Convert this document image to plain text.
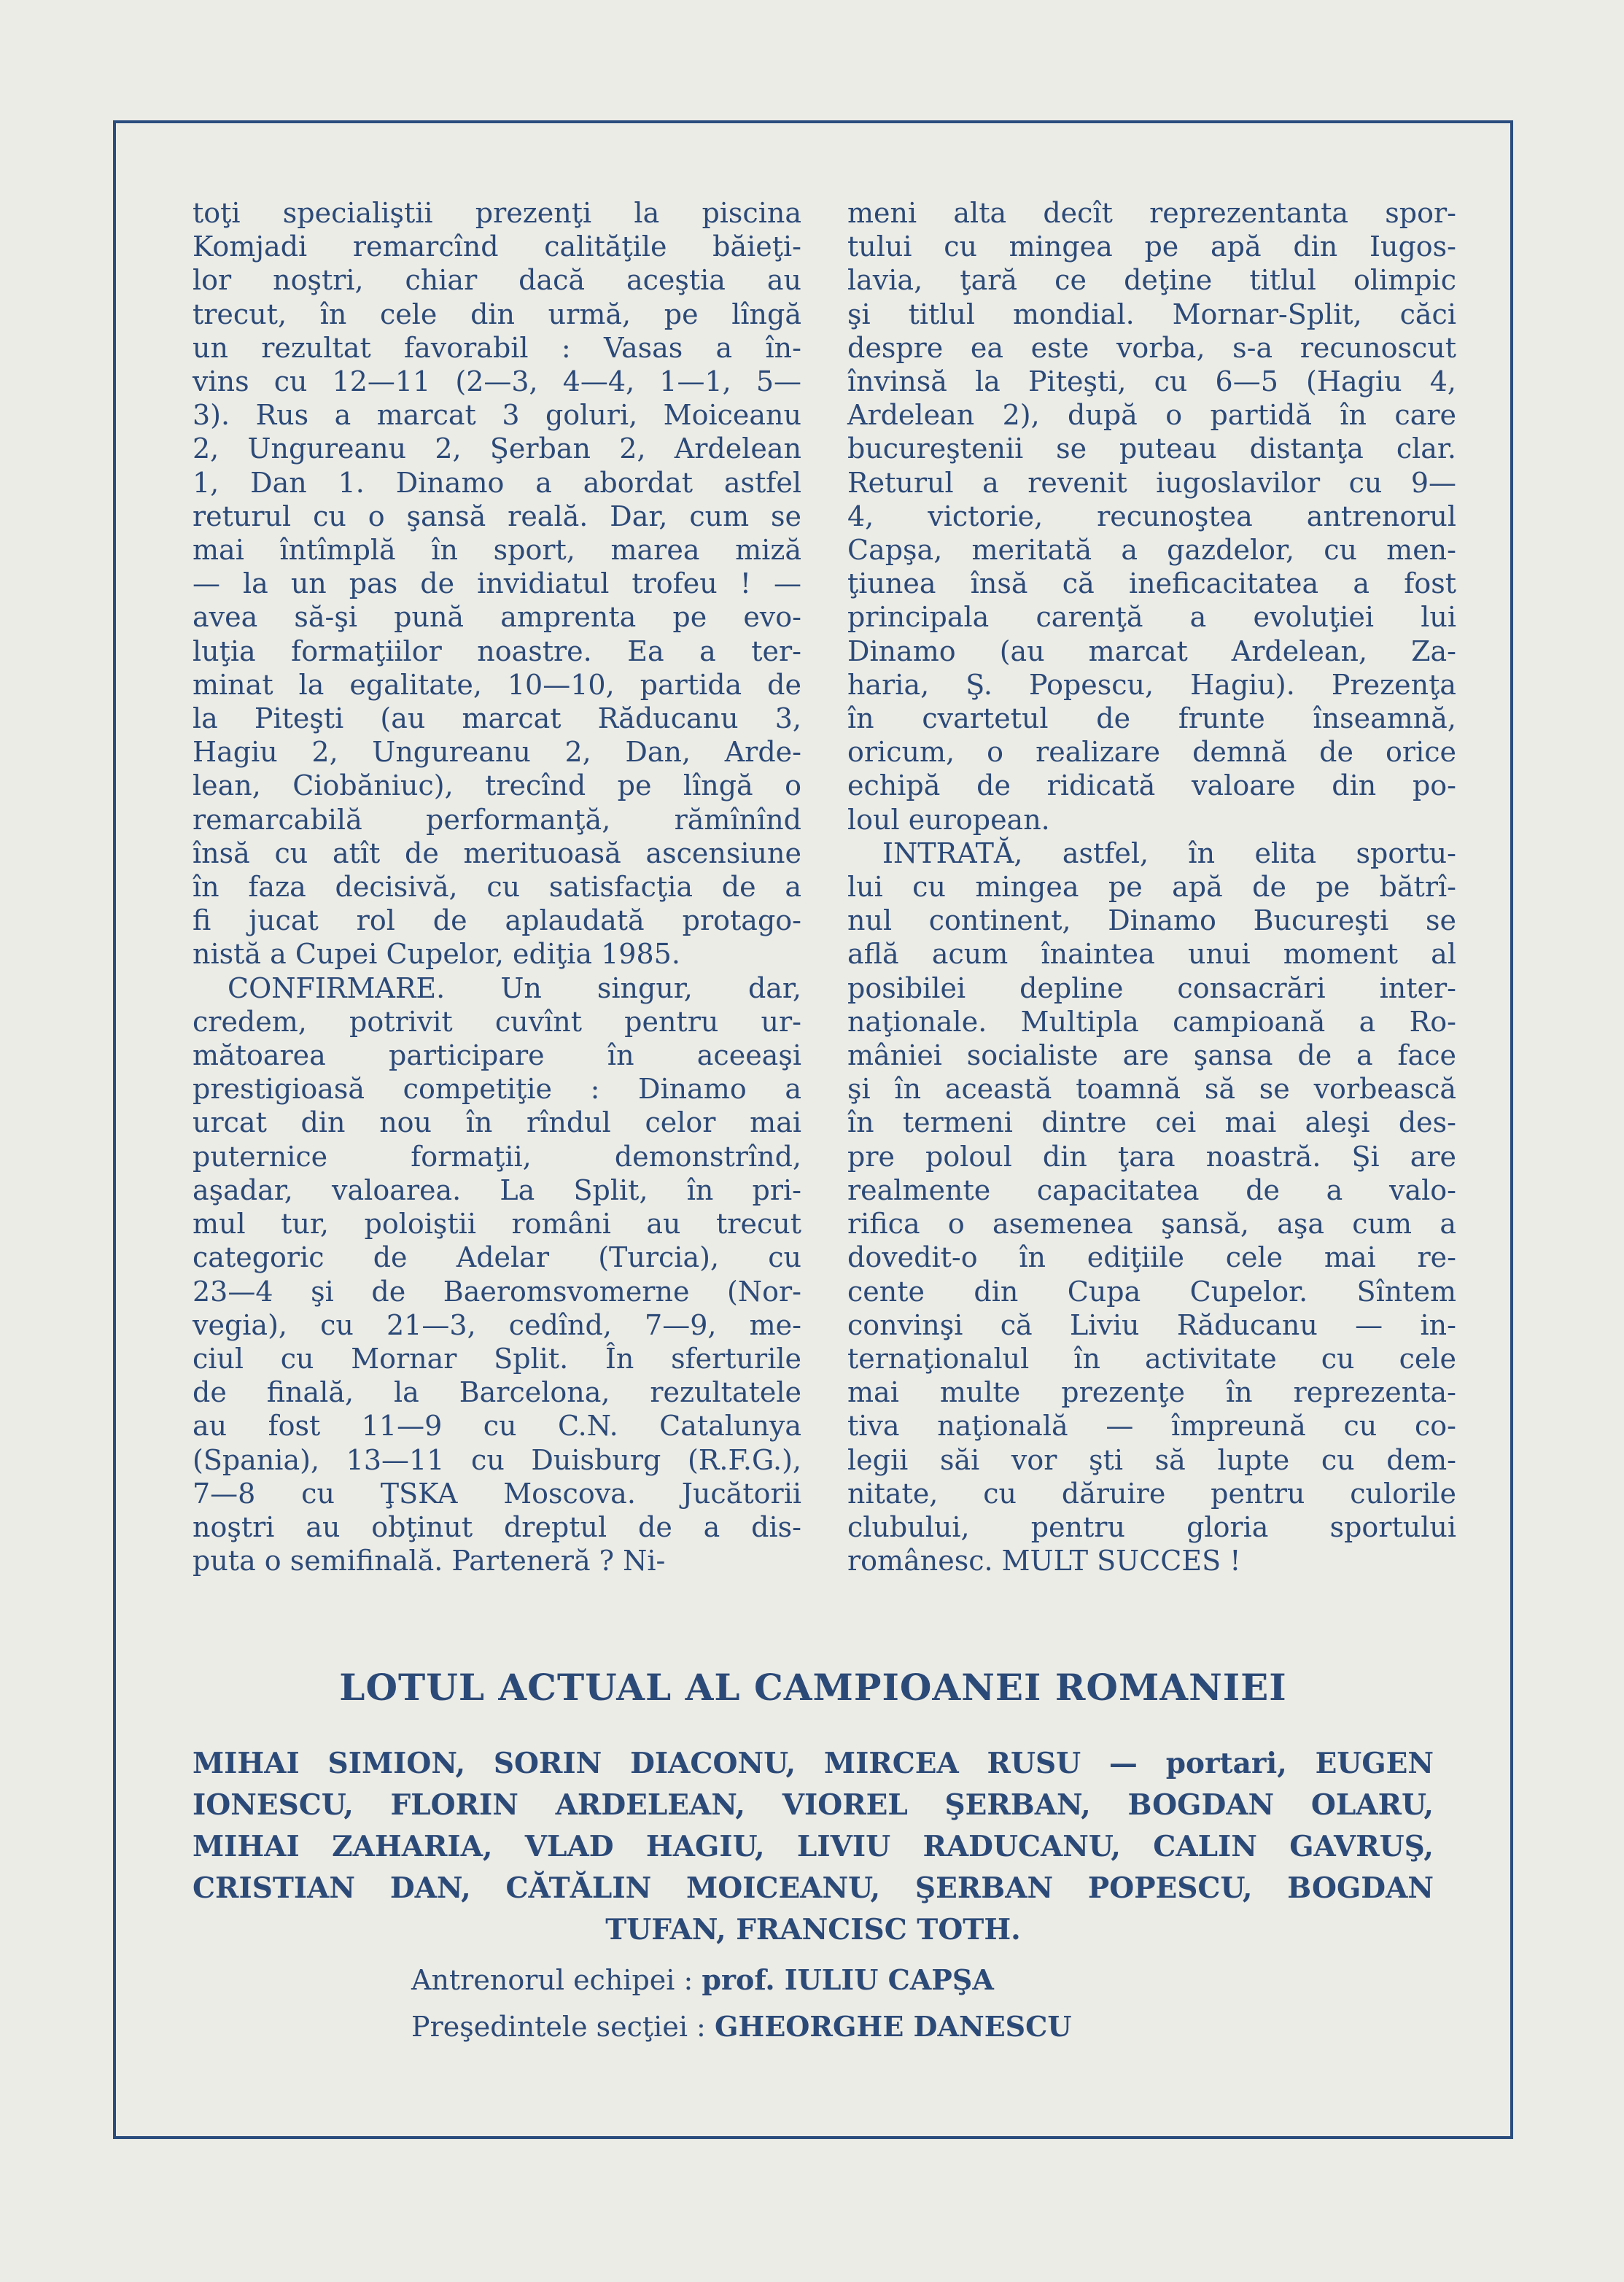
toţi specialiştii prezenţi la piscina
Komjadi remarcînd calităţile băieţi-
lor noştri, chiar dacă aceştia au
trecut, în cele din urmă, pe lîngă
un rezultat favorabil : Vasas a în-
vins cu 12—11 (2—3, 4—4, 1—1, 5—
3). Rus a marcat 3 goluri, Moiceanu
2, Ungureanu 2, Şerban 2, Ardelean
1, Dan 1. Dinamo a abordat astfel
returul cu o şansă reală. Dar, cum se
mai întîmplă în sport, marea miză
— la un pas de invidiatul trofeu ! —
avea să-şi pună amprenta pe evo-
luţia formaţiilor noastre. Ea a ter-
minat la egalitate, 10—10, partida de
la Piteşti (au marcat Răducanu 3,
Hagiu 2, Ungureanu 2, Dan, Arde-
lean, Ciobăniuc), trecînd pe lîngă o
remarcabilă performanţă, rămînînd
însă cu atît de merituoasă ascensiune
în faza decisivă, cu satisfacţia de a
fi jucat rol de aplaudată protago-
nistă a Cupei Cupelor, ediţia 1985.
CONFIRMARE. Un singur, dar,
credem, potrivit cuvînt pentru ur-
mătoarea participare în aceeaşi
prestigioasă competiţie : Dinamo a
urcat din nou în rîndul celor mai
puternice formaţii, demonstrînd,
aşadar, valoarea. La Split, în pri-
mul tur, poloiştii români au trecut
categoric de Adelar (Turcia), cu
23—4 şi de Baeromsvomerne (Nor-
vegia), cu 21—3, cedînd, 7—9, me-
ciul cu Mornar Split. În sferturile
de finală, la Barcelona, rezultatele
au fost 11—9 cu C.N. Catalunya
(Spania), 13—11 cu Duisburg (R.F.G.),
7—8 cu ŢSKA Moscova. Jucătorii
noştri au obţinut dreptul de a dis-
puta o semifinală. Parteneră ? Ni-
meni alta decît reprezentanta spor-
tului cu mingea pe apă din Iugos-
lavia, ţară ce deţine titlul olimpic
şi titlul mondial. Mornar-Split, căci
despre ea este vorba, s-a recunoscut
învinsă la Piteşti, cu 6—5 (Hagiu 4,
Ardelean 2), după o partidă în care
bucureştenii se puteau distanţa clar.
Returul a revenit iugoslavilor cu 9—
4, victorie, recunoştea antrenorul
Capşa, meritată a gazdelor, cu men-
ţiunea însă că ineficacitatea a fost
principala carenţă a evoluţiei lui
Dinamo (au marcat Ardelean, Za-
haria, Ş. Popescu, Hagiu). Prezenţa
în cvartetul de frunte înseamnă,
oricum, o realizare demnă de orice
echipă de ridicată valoare din po-
loul european.
INTRATĂ, astfel, în elita sportu-
lui cu mingea pe apă de pe bătrî-
nul continent, Dinamo Bucureşti se
află acum înaintea unui moment al
posibilei depline consacrări inter-
naţionale. Multipla campioană a Ro-
mâniei socialiste are şansa de a face
şi în această toamnă să se vorbească
în termeni dintre cei mai aleşi des-
pre poloul din ţara noastră. Şi are
realmente capacitatea de a valo-
rifica o asemenea şansă, aşa cum a
dovedit-o în ediţiile cele mai re-
cente din Cupa Cupelor. Sîntem
convinşi că Liviu Răducanu — in-
ternaţionalul în activitate cu cele
mai multe prezenţe în reprezenta-
tiva naţională — împreună cu co-
legii săi vor şti să lupte cu dem-
nitate, cu dăruire pentru culorile
clubului, pentru gloria sportului
românesc. MULT SUCCES !
LOTUL ACTUAL AL CAMPIOANEI ROMANIEI
MIHAI SIMION, SORIN DIACONU, MIRCEA RUSU — portari, EUGEN
IONESCU, FLORIN ARDELEAN, VIOREL ŞERBAN, BOGDAN OLARU,
MIHAI ZAHARIA, VLAD HAGIU, LIVIU RADUCANU, CALIN GAVRUŞ,
CRISTIAN DAN, CĂTĂLIN MOICEANU, ŞERBAN POPESCU, BOGDAN
TUFAN, FRANCISC TOTH.
Antrenorul echipei : prof. IULIU CAPŞA
Preşedintele secţiei : GHEORGHE DANESCU
